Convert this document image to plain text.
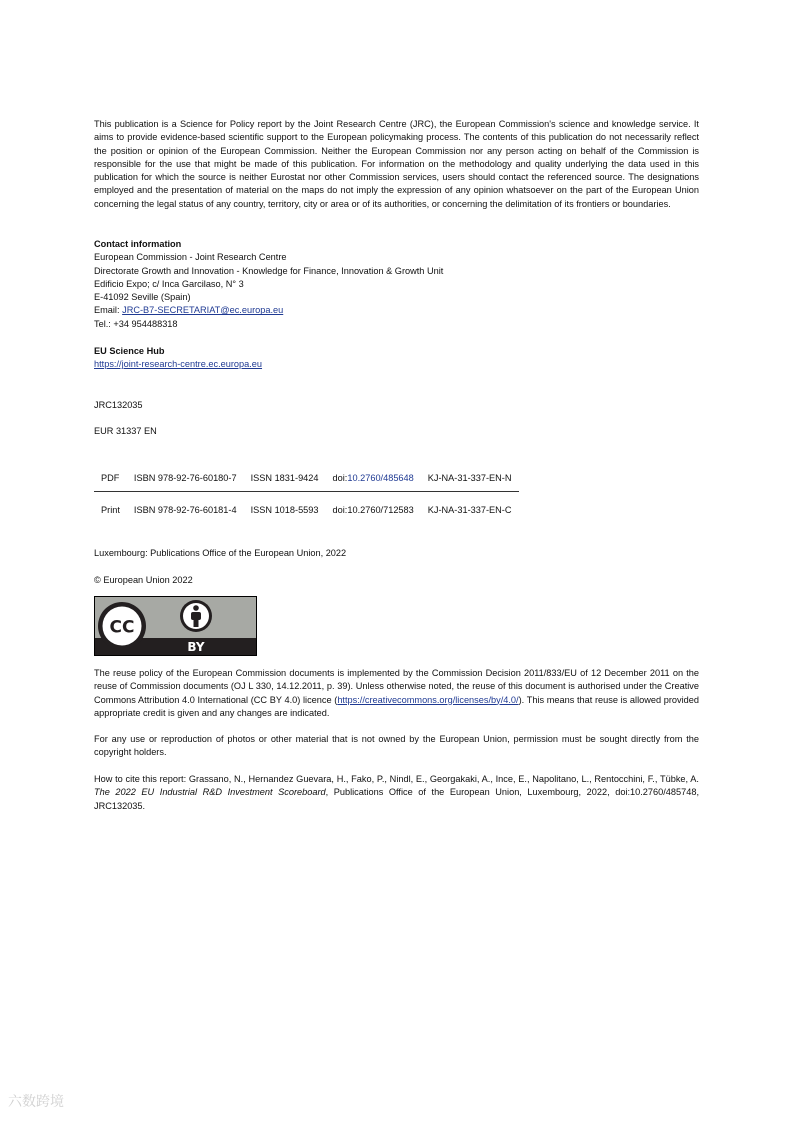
This publication is a Science for Policy report by the Joint Research Centre (JRC), the European Commission's science and knowledge service. It aims to provide evidence-based scientific support to the European policymaking process. The contents of this publication do not necessarily reflect the position or opinion of the European Commission. Neither the European Commission nor any person acting on behalf of the Commission is responsible for the use that might be made of this publication. For information on the methodology and quality underlying the data used in this publication for which the source is neither Eurostat nor other Commission services, users should contact the referenced source. The designations employed and the presentation of material on the maps do not imply the expression of any opinion whatsoever on the part of the European Union concerning the legal status of any country, territory, city or area or of its authorities, or concerning the delimitation of its frontiers or boundaries.

Contact information
European Commission - Joint Research Centre
Directorate Growth and Innovation - Knowledge for Finance, Innovation & Growth Unit
Edificio Expo; c/ Inca Garcilaso, N° 3
E-41092 Seville (Spain)
Email: JRC-B7-SECRETARIAT@ec.europa.eu
Tel.: +34 954488318
EU Science Hub
https://joint-research-centre.ec.europa.eu
JRC132035
EUR 31337 EN
PDF	ISBN 978-92-76-60180-7	ISSN 1831-9424	doi:10.2760/485648	KJ-NA-31-337-EN-N
Print	ISBN 978-92-76-60181-4	ISSN 1018-5593	doi:10.2760/712583	KJ-NA-31-337-EN-C
Luxembourg: Publications Office of the European Union, 2022
© European Union 2022
CC
BY

The reuse policy of the European Commission documents is implemented by the Commission Decision 2011/833/EU of 12 December 2011 on the reuse of Commission documents (OJ L 330, 14.12.2011, p. 39). Unless otherwise noted, the reuse of this document is authorised under the Creative Commons Attribution 4.0 International (CC BY 4.0) licence (https://creativecommons.org/licenses/by/4.0/). This means that reuse is allowed provided appropriate credit is given and any changes are indicated.

For any use or reproduction of photos or other material that is not owned by the European Union, permission must be sought directly from the copyright holders.

How to cite this report: Grassano, N., Hernandez Guevara, H., Fako, P., Nindl, E., Georgakaki, A., Ince, E., Napolitano, L., Rentocchini, F., Tübke, A. The 2022 EU Industrial R&D Investment Scoreboard, Publications Office of the European Union, Luxembourg, 2022, doi:10.2760/485748, JRC132035.

六数跨境
